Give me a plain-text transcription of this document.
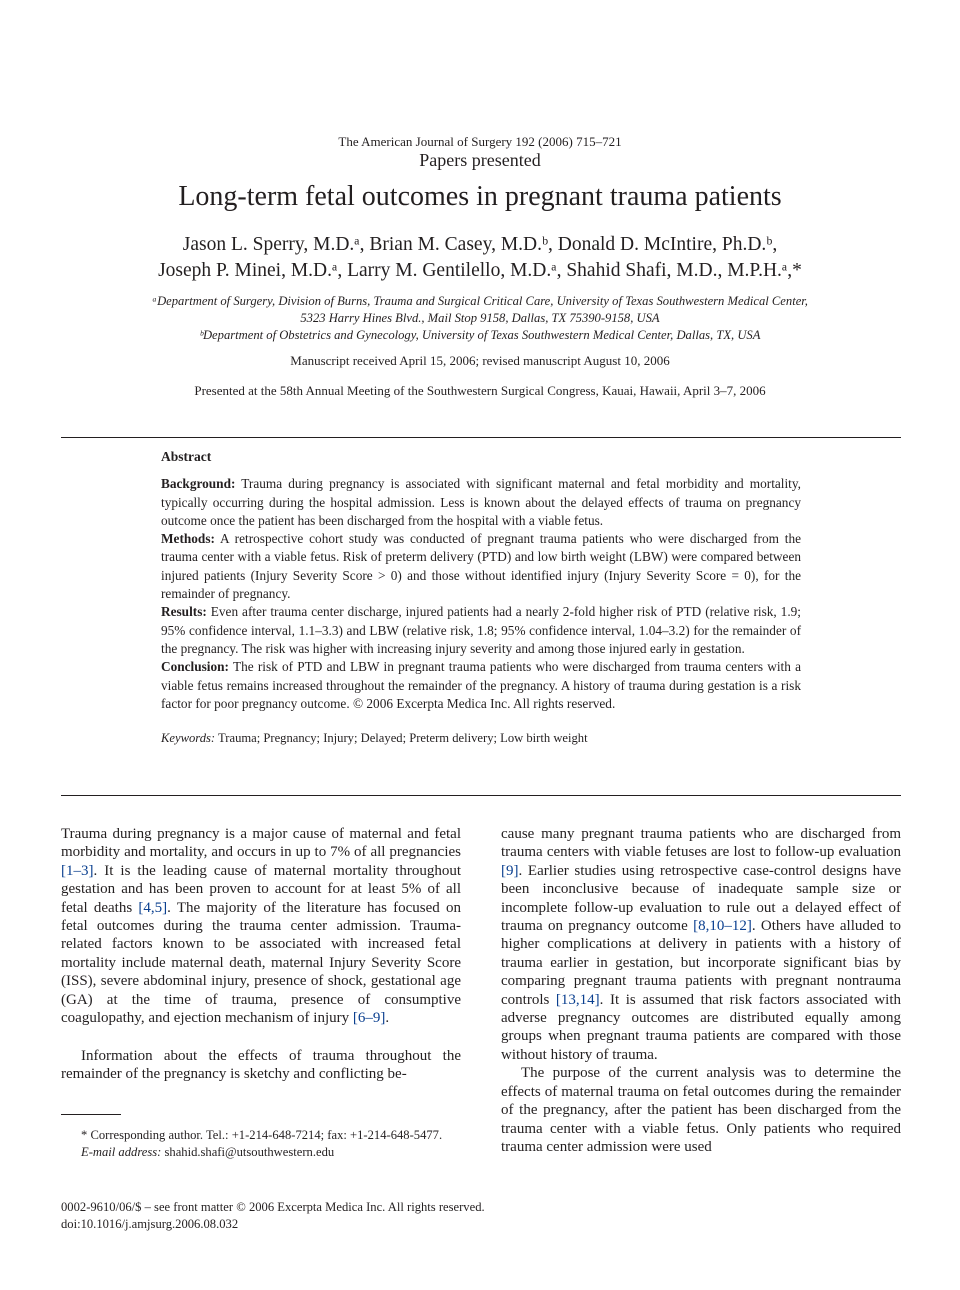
The American Journal of Surgery 192 (2006) 715–721
Papers presented
Long-term fetal outcomes in pregnant trauma patients
Jason L. Sperry, M.D.ᵃ, Brian M. Casey, M.D.ᵇ, Donald D. McIntire, Ph.D.ᵇ,
Joseph P. Minei, M.D.ᵃ, Larry M. Gentilello, M.D.ᵃ, Shahid Shafi, M.D., M.P.H.ᵃ,*
ᵃDepartment of Surgery, Division of Burns, Trauma and Surgical Critical Care, University of Texas Southwestern Medical Center,
5323 Harry Hines Blvd., Mail Stop 9158, Dallas, TX 75390-9158, USA
ᵇDepartment of Obstetrics and Gynecology, University of Texas Southwestern Medical Center, Dallas, TX, USA
Manuscript received April 15, 2006; revised manuscript August 10, 2006
Presented at the 58th Annual Meeting of the Southwestern Surgical Congress, Kauai, Hawaii, April 3–7, 2006
Abstract

Background: Trauma during pregnancy is associated with significant maternal and fetal morbidity and mortality, typically occurring during the hospital admission. Less is known about the delayed effects of trauma on pregnancy outcome once the patient has been discharged from the hospital with a viable fetus.

Methods: A retrospective cohort study was conducted of pregnant trauma patients who were discharged from the trauma center with a viable fetus. Risk of preterm delivery (PTD) and low birth weight (LBW) were compared between injured patients (Injury Severity Score > 0) and those without identified injury (Injury Severity Score = 0), for the remainder of pregnancy.

Results: Even after trauma center discharge, injured patients had a nearly 2-fold higher risk of PTD (relative risk, 1.9; 95% confidence interval, 1.1–3.3) and LBW (relative risk, 1.8; 95% confidence interval, 1.04–3.2) for the remainder of the pregnancy. The risk was higher with increasing injury severity and among those injured early in gestation.

Conclusion: The risk of PTD and LBW in pregnant trauma patients who were discharged from trauma centers with a viable fetus remains increased throughout the remainder of the pregnancy. A history of trauma during gestation is a risk factor for poor pregnancy outcome. © 2006 Excerpta Medica Inc. All rights reserved.

Keywords: Trauma; Pregnancy; Injury; Delayed; Preterm delivery; Low birth weight

Trauma during pregnancy is a major cause of maternal and fetal morbidity and mortality, and occurs in up to 7% of all pregnancies [1–3]. It is the leading cause of maternal mortality throughout gestation and has been proven to account for at least 5% of all fetal deaths [4,5]. The majority of the literature has focused on fetal outcomes during the trauma center admission. Trauma-related factors known to be associated with increased fetal mortality include maternal death, maternal Injury Severity Score (ISS), severe abdominal injury, presence of shock, gestational age (GA) at the time of trauma, presence of consumptive coagulopathy, and ejection mechanism of injury [6–9].

Information about the effects of trauma throughout the remainder of the pregnancy is sketchy and conflicting be-

cause many pregnant trauma patients who are discharged from trauma centers with viable fetuses are lost to follow-up evaluation [9]. Earlier studies using retrospective case-control designs have been inconclusive because of inadequate sample size or incomplete follow-up evaluation to rule out a delayed effect of trauma on pregnancy outcome [8,10–12]. Others have alluded to higher complications at delivery in patients with a history of trauma earlier in gestation, but incorporate significant bias by comparing pregnant trauma patients with pregnant nontrauma controls [13,14]. It is assumed that risk factors associated with adverse pregnancy outcomes are distributed equally among groups when pregnant trauma patients are compared with those without history of trauma.

The purpose of the current analysis was to determine the effects of maternal trauma on fetal outcomes during the remainder of the pregnancy, after the patient has been discharged from the trauma center with a viable fetus. Only patients who required trauma center admission were used

* Corresponding author. Tel.: +1-214-648-7214; fax: +1-214-648-5477.

E-mail address: shahid.shafi@utsouthwestern.edu

0002-9610/06/$ – see front matter © 2006 Excerpta Medica Inc. All rights reserved.
doi:10.1016/j.amjsurg.2006.08.032
